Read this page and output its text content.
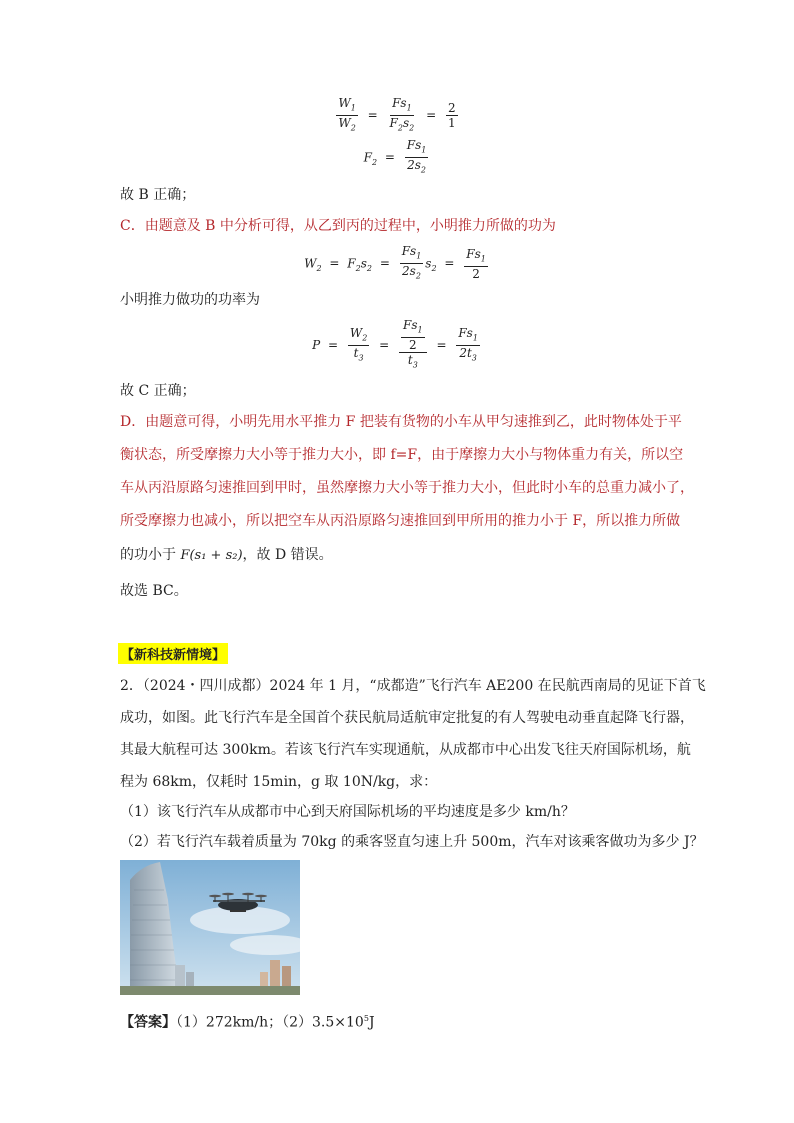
$\frac{W_1}{W_2} = \frac{Fs_1}{F_2s_2} = \frac{2}{1}$
$F_2 = \frac{Fs_1}{2s_2}$
故 B 正确；
C．由题意及 B 中分析可得，从乙到丙的过程中，小明推力所做的功为
$W_2 = F_2s_2 = \frac{Fs_1}{2s_2} s_2 = \frac{Fs_1}{2}$
小明推力做功的功率为
$P = \frac{W_2}{t_3} = \frac{\frac{Fs_1}{2}}{t_3} = \frac{Fs_1}{2t_3}$
故 C 正确；
D．由题意可得，小明先用水平推力 F 把装有货物的小车从甲匀速推到乙，此时物体处于平
衡状态，所受摩擦力大小等于推力大小，即 f=F，由于摩擦力大小与物体重力有关，所以空
车从丙沿原路匀速推回到甲时，虽然摩擦力大小等于推力大小，但此时小车的总重力减小了，
所受摩擦力也减小，所以把空车从丙沿原路匀速推回到甲所用的推力小于 F，所以推力所做
的功小于 F(s₁ + s₂)，故 D 错误。
故选 BC。
【新科技新情境】
2．（2024・四川成都）2024 年 1 月，“成都造”飞行汽车 AE200 在民航西南局的见证下首飞
成功，如图。此飞行汽车是全国首个获民航局适航审定批复的有人驾驶电动垂直起降飞行器，
其最大航程可达 300km。若该飞行汽车实现通航，从成都市中心出发飞往天府国际机场，航
程为 68km，仅耗时 15min，g 取 10N/kg，求：
（1）该飞行汽车从成都市中心到天府国际机场的平均速度是多少 km/h？
（2）若飞行汽车载着质量为 70kg 的乘客竖直匀速上升 500m，汽车对该乘客做功为多少 J？
【答案】（1）272km/h；$(2)3.5\times 10^5J$
